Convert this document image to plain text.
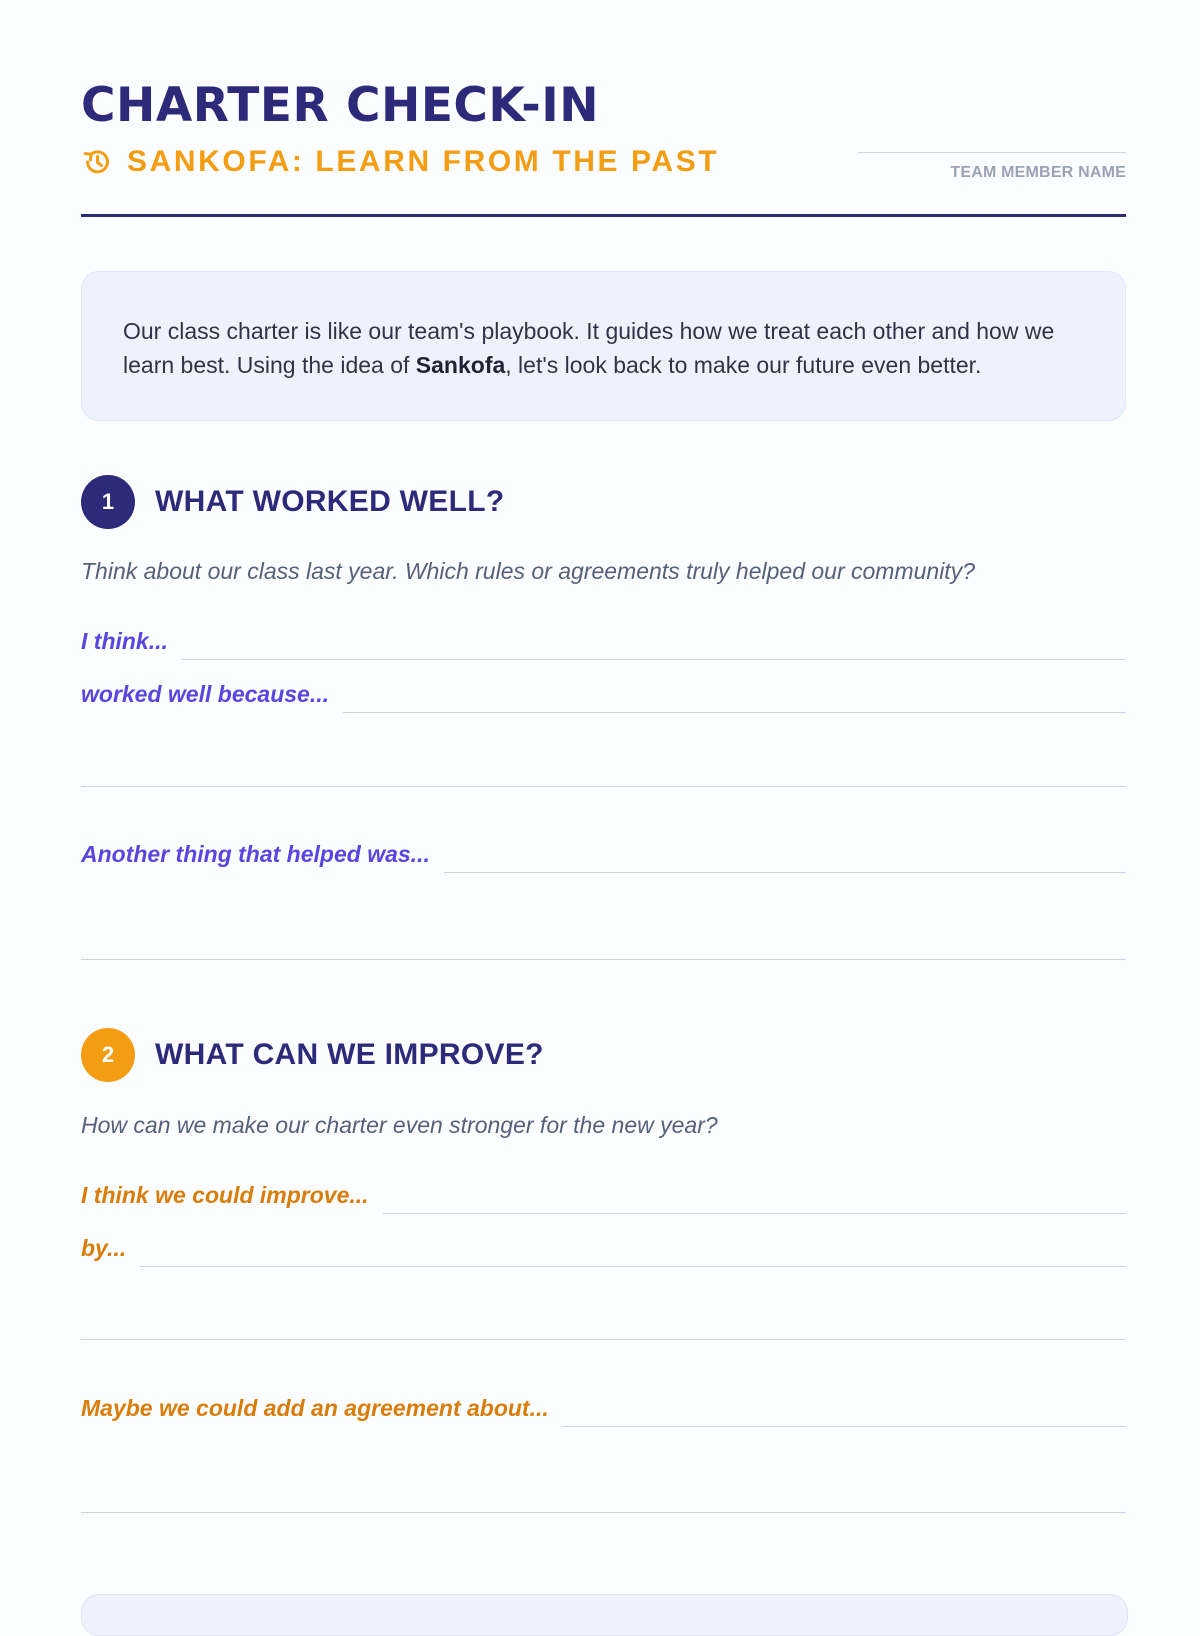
CHARTER CHECK-IN
SANKOFA: LEARN FROM THE PAST	TEAM MEMBER NAME
Our class charter is like our team's playbook. It guides how we treat each other and how we learn best. Using the idea of Sankofa, let's look back to make our future even better.
1	WHAT WORKED WELL?
Think about our class last year. Which rules or agreements truly helped our community?
I think...
worked well because...
Another thing that helped was...
2	WHAT CAN WE IMPROVE?
How can we make our charter even stronger for the new year?
I think we could improve...
by...
Maybe we could add an agreement about...
